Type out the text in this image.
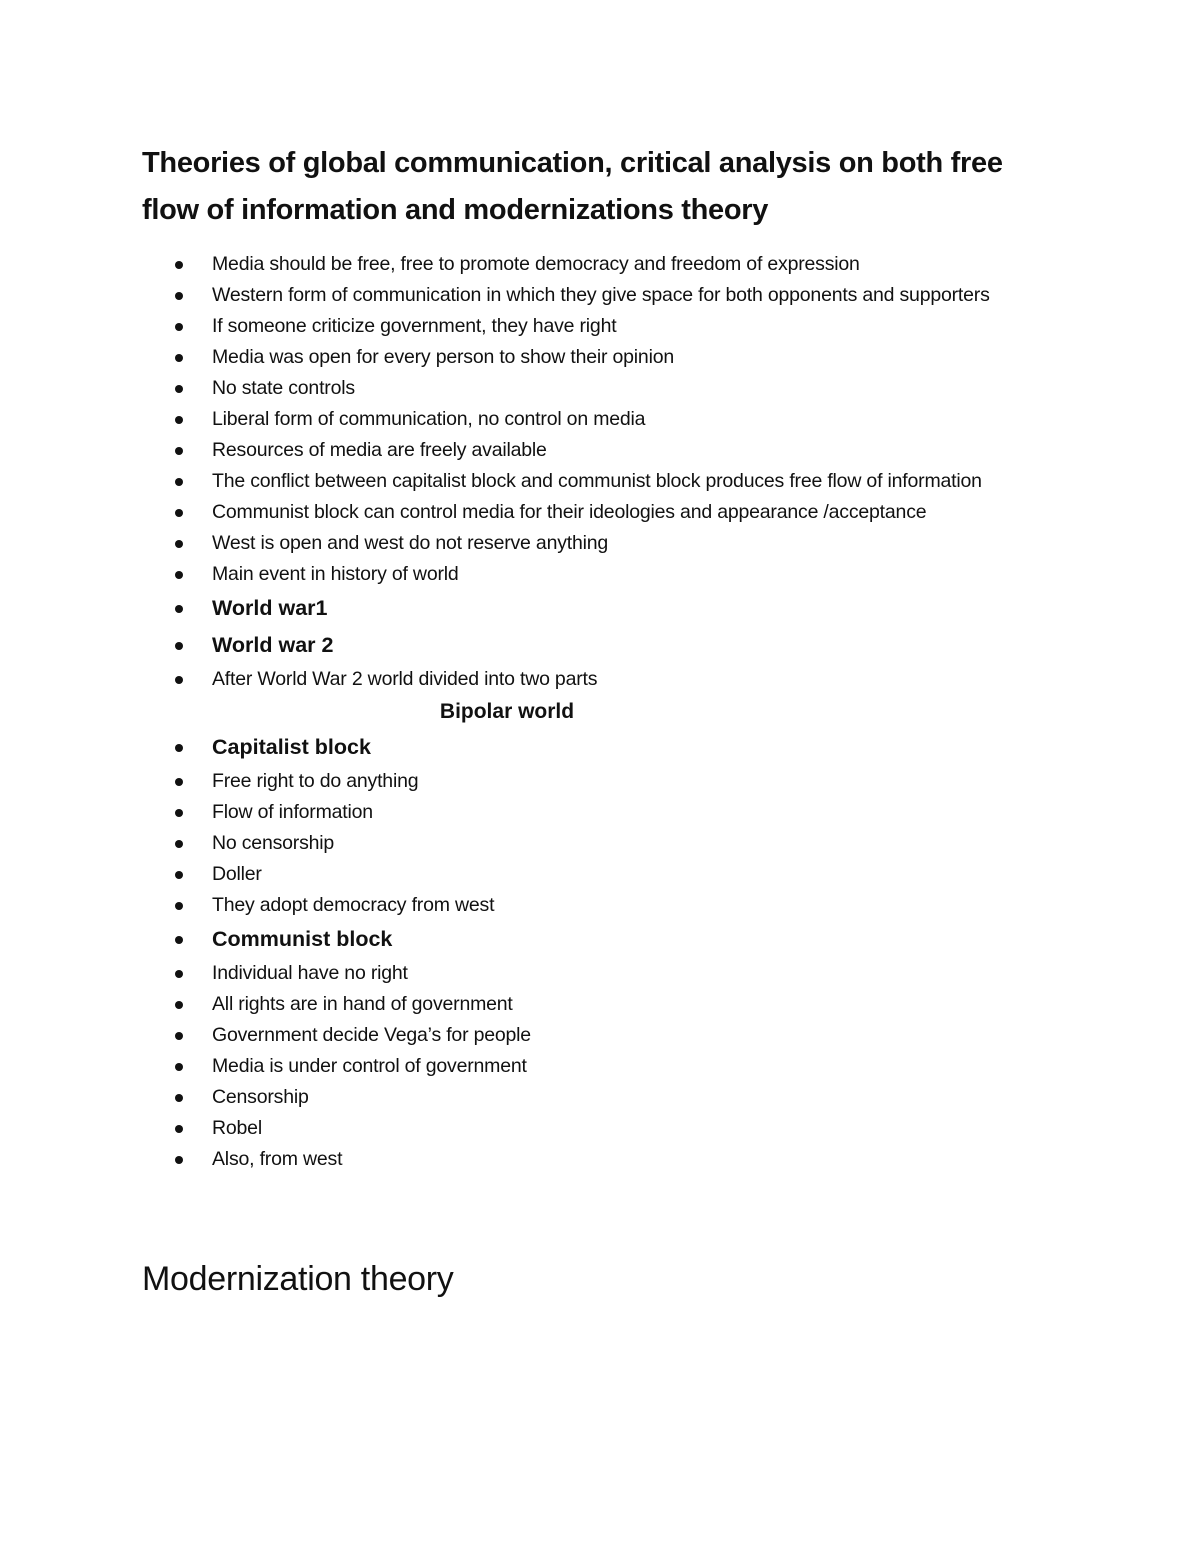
Theories of global communication, critical analysis on both free flow of information and modernizations theory
Media should be free, free to promote democracy and freedom of expression
Western form of communication in which they give space for both opponents and supporters
If someone criticize government, they have right
Media was open for every person to show their opinion
No state controls
Liberal form of communication, no control on media
Resources of media are freely available
The conflict between capitalist block and communist block produces free flow of information
Communist block can control media for their ideologies and appearance /acceptance
West is open and west do not reserve anything
Main event in history of world
World war1
World war 2
After World War 2 world divided into two parts
Bipolar world
Capitalist block
Free right to do anything
Flow of information
No censorship
Doller
They adopt democracy from west
Communist block
Individual have no right
All rights are in hand of government
Government decide Vega’s for people
Media is under control of government
Censorship
Robel
Also, from west
Modernization theory
